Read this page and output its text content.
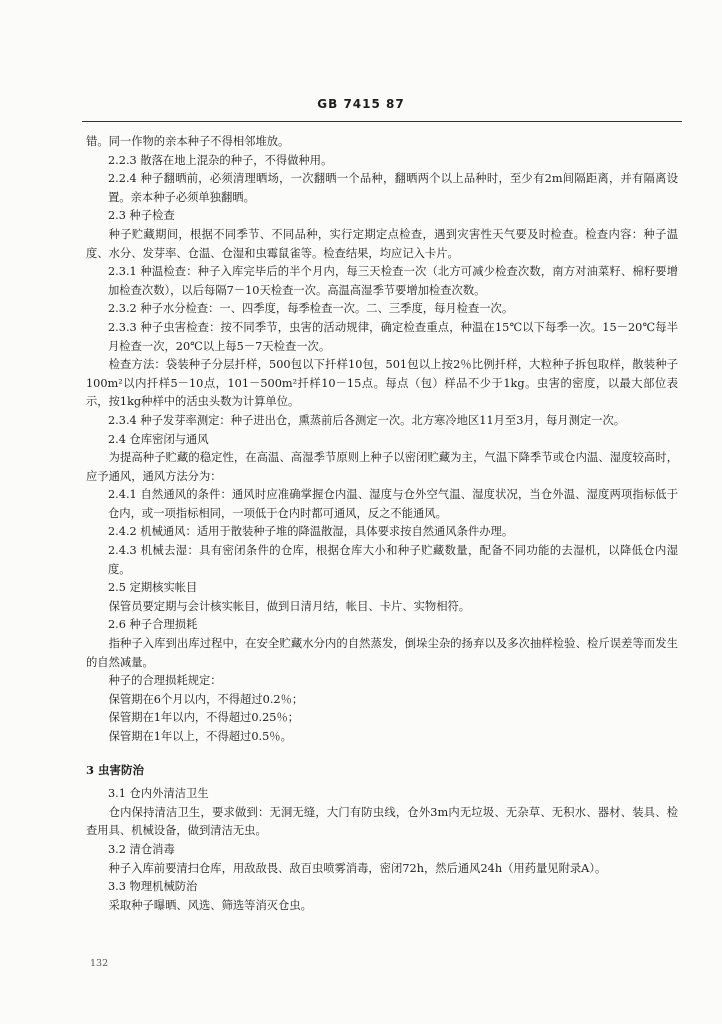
GB 7415 87

错。同一作物的亲本种子不得相邻堆放。

2.2.3 散落在地上混杂的种子，不得做种用。

2.2.4 种子翻晒前，必须清理晒场，一次翻晒一个品种，翻晒两个以上品种时，至少有2m间隔距离，并有隔离设置。亲本种子必须单独翻晒。

2.3 种子检查

种子贮藏期间，根据不同季节、不同品种，实行定期定点检查，遇到灾害性天气要及时检查。检查内容：种子温度、水分、发芽率、仓温、仓湿和虫霉鼠雀等。检查结果，均应记入卡片。

2.3.1 种温检查：种子入库完毕后的半个月内，每三天检查一次（北方可减少检查次数，南方对油菜籽、棉籽要增加检查次数），以后每隔7－10天检查一次。高温高湿季节要增加检查次数。

2.3.2 种子水分检查：一、四季度，每季检查一次。二、三季度，每月检查一次。

2.3.3 种子虫害检查：按不同季节，虫害的活动规律，确定检查重点，种温在15℃以下每季一次。15－20℃每半月检查一次，20℃以上每5－7天检查一次。

检查方法：袋装种子分层扦样，500包以下扦样10包，501包以上按2％比例扦样，大粒种子拆包取样，散装种子100m²以内扦样5－10点，101－500m²扦样10－15点。每点（包）样品不少于1kg。虫害的密度，以最大部位表示，按1kg种样中的活虫头数为计算单位。

2.3.4 种子发芽率测定：种子进出仓，熏蒸前后各测定一次。北方寒冷地区11月至3月，每月测定一次。

2.4 仓库密闭与通风

为提高种子贮藏的稳定性，在高温、高湿季节原则上种子以密闭贮藏为主，气温下降季节或仓内温、湿度较高时，应予通风，通风方法分为：

2.4.1 自然通风的条件：通风时应准确掌握仓内温、湿度与仓外空气温、湿度状况，当仓外温、湿度两项指标低于仓内，或一项指标相同，一项低于仓内时都可通风，反之不能通风。

2.4.2 机械通风：适用于散装种子堆的降温散湿，具体要求按自然通风条件办理。

2.4.3 机械去湿：具有密闭条件的仓库，根据仓库大小和种子贮藏数量，配备不同功能的去湿机，以降低仓内湿度。

2.5 定期核实帐目

保管员要定期与会计核实帐目，做到日清月结，帐目、卡片、实物相符。

2.6 种子合理损耗

指种子入库到出库过程中，在安全贮藏水分内的自然蒸发，倒垛尘杂的扬弃以及多次抽样检验、检斤误差等而发生的自然减量。

种子的合理损耗规定：

保管期在6个月以内，不得超过0.2％；

保管期在1年以内，不得超过0.25％；

保管期在1年以上，不得超过0.5％。

3 虫害防治

3.1 仓内外清洁卫生

仓内保持清洁卫生，要求做到：无洞无缝，大门有防虫线，仓外3m内无垃圾、无杂草、无积水、器材、装具、检查用具、机械设备，做到清洁无虫。

3.2 清仓消毒

种子入库前要清扫仓库，用敌敌畏、敌百虫喷雾消毒，密闭72h，然后通风24h（用药量见附录A）。

3.3 物理机械防治

采取种子曝晒、风选、筛选等消灭仓虫。

132
